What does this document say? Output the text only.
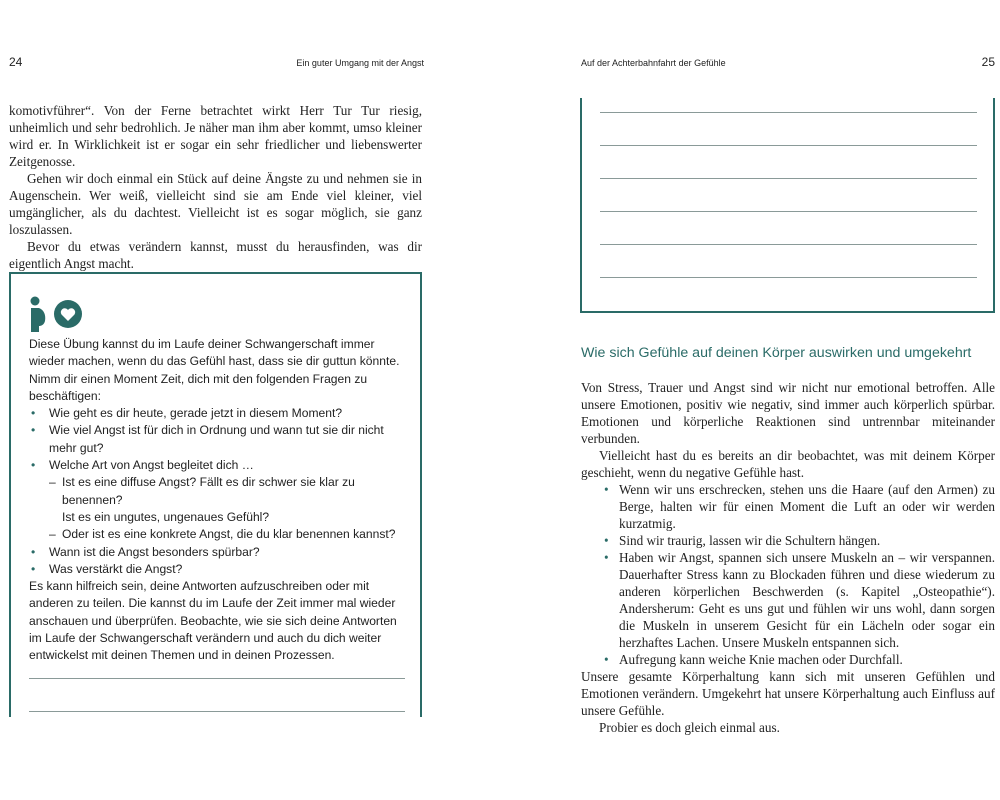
24	Ein guter Umgang mit der Angst

komotivführer“. Von der Ferne betrachtet wirkt Herr Tur Tur riesig, unheimlich und sehr bedrohlich. Je näher man ihm aber kommt, umso kleiner wird er. In Wirklichkeit ist er sogar ein sehr friedlicher und liebenswerter Zeitgenosse.

Gehen wir doch einmal ein Stück auf deine Ängste zu und nehmen sie in Augenschein. Wer weiß, vielleicht sind sie am Ende viel kleiner, viel umgänglicher, als du dachtest. Vielleicht ist es sogar möglich, sie ganz loszulassen.

Bevor du etwas verändern kannst, musst du herausfinden, was dir eigentlich Angst macht.

Diese Übung kannst du im Laufe deiner Schwangerschaft immer wieder machen, wenn du das Gefühl hast, dass sie dir guttun könnte. Nimm dir einen Moment Zeit, dich mit den folgenden Fragen zu beschäftigen:

• Wie geht es dir heute, gerade jetzt in diesem Moment?
• Wie viel Angst ist für dich in Ordnung und wann tut sie dir nicht mehr gut?
• Welche Art von Angst begleitet dich …
– Ist es eine diffuse Angst? Fällt es dir schwer sie klar zu benennen?
Ist es ein ungutes, ungenaues Gefühl?
– Oder ist es eine konkrete Angst, die du klar benennen kannst?
• Wann ist die Angst besonders spürbar?
• Was verstärkt die Angst?

Es kann hilfreich sein, deine Antworten aufzuschreiben oder mit anderen zu teilen. Die kannst du im Laufe der Zeit immer mal wieder anschauen und überprüfen. Beobachte, wie sie sich deine Antworten im Laufe der Schwangerschaft verändern und auch du dich weiter entwickelst mit deinen Themen und in deinen Prozessen.

Auf der Achterbahnfahrt der Gefühle	25
Wie sich Gefühle auf deinen Körper auswirken und umgekehrt

Von Stress, Trauer und Angst sind wir nicht nur emotional betroffen. Alle unsere Emotionen, positiv wie negativ, sind immer auch körperlich spürbar. Emotionen und körperliche Reaktionen sind untrennbar miteinander verbunden.

Vielleicht hast du es bereits an dir beobachtet, was mit deinem Körper geschieht, wenn du negative Gefühle hast.

• Wenn wir uns erschrecken, stehen uns die Haare (auf den Armen) zu Berge, halten wir für einen Moment die Luft an oder wir werden kurzatmig.
• Sind wir traurig, lassen wir die Schultern hängen.
• Haben wir Angst, spannen sich unsere Muskeln an – wir verspannen. Dauerhafter Stress kann zu Blockaden führen und diese wiederum zu anderen körperlichen Beschwerden (s. Kapitel „Osteopathie“). Andersherum: Geht es uns gut und fühlen wir uns wohl, dann sorgen die Muskeln in unserem Gesicht für ein Lächeln oder sogar ein herzhaftes Lachen. Unsere Muskeln entspannen sich.
• Aufregung kann weiche Knie machen oder Durchfall.

Unsere gesamte Körperhaltung kann sich mit unseren Gefühlen und Emotionen verändern. Umgekehrt hat unsere Körperhaltung auch Einfluss auf unsere Gefühle.

Probier es doch gleich einmal aus.
